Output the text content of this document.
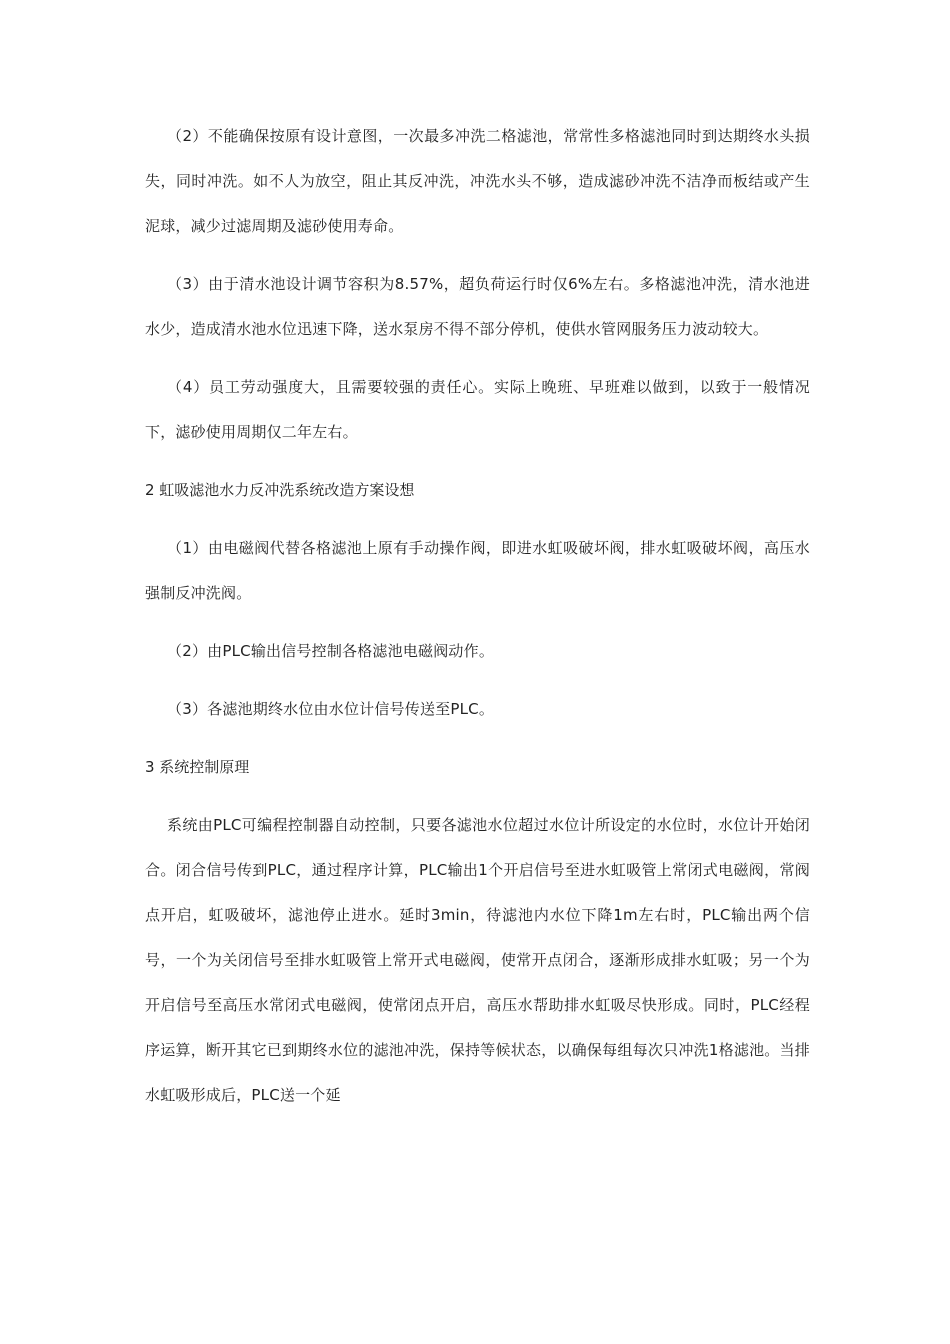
（2）不能确保按原有设计意图，一次最多冲洗二格滤池，常常性多格滤池同时到达期终水头损失，同时冲洗。如不人为放空，阻止其反冲洗，冲洗水头不够，造成滤砂冲洗不洁净而板结或产生泥球，减少过滤周期及滤砂使用寿命。

（3）由于清水池设计调节容积为8.57%，超负荷运行时仅6%左右。多格滤池冲洗，清水池进水少，造成清水池水位迅速下降，送水泵房不得不部分停机，使供水管网服务压力波动较大。

（4）员工劳动强度大，且需要较强的责任心。实际上晚班、早班难以做到，以致于一般情况下，滤砂使用周期仅二年左右。

2 虹吸滤池水力反冲洗系统改造方案设想

（1）由电磁阀代替各格滤池上原有手动操作阀，即进水虹吸破坏阀，排水虹吸破坏阀，高压水强制反冲洗阀。

（2）由PLC输出信号控制各格滤池电磁阀动作。

（3）各滤池期终水位由水位计信号传送至PLC。

3 系统控制原理

系统由PLC可编程控制器自动控制，只要各滤池水位超过水位计所设定的水位时，水位计开始闭合。闭合信号传到PLC，通过程序计算，PLC输出1个开启信号至进水虹吸管上常闭式电磁阀，常阀点开启，虹吸破坏，滤池停止进水。延时3min，待滤池内水位下降1m左右时，PLC输出两个信号，一个为关闭信号至排水虹吸管上常开式电磁阀，使常开点闭合，逐渐形成排水虹吸；另一个为开启信号至高压水常闭式电磁阀，使常闭点开启，高压水帮助排水虹吸尽快形成。同时，PLC经程序运算，断开其它已到期终水位的滤池冲洗，保持等候状态，以确保每组每次只冲洗1格滤池。当排水虹吸形成后，PLC送一个延
